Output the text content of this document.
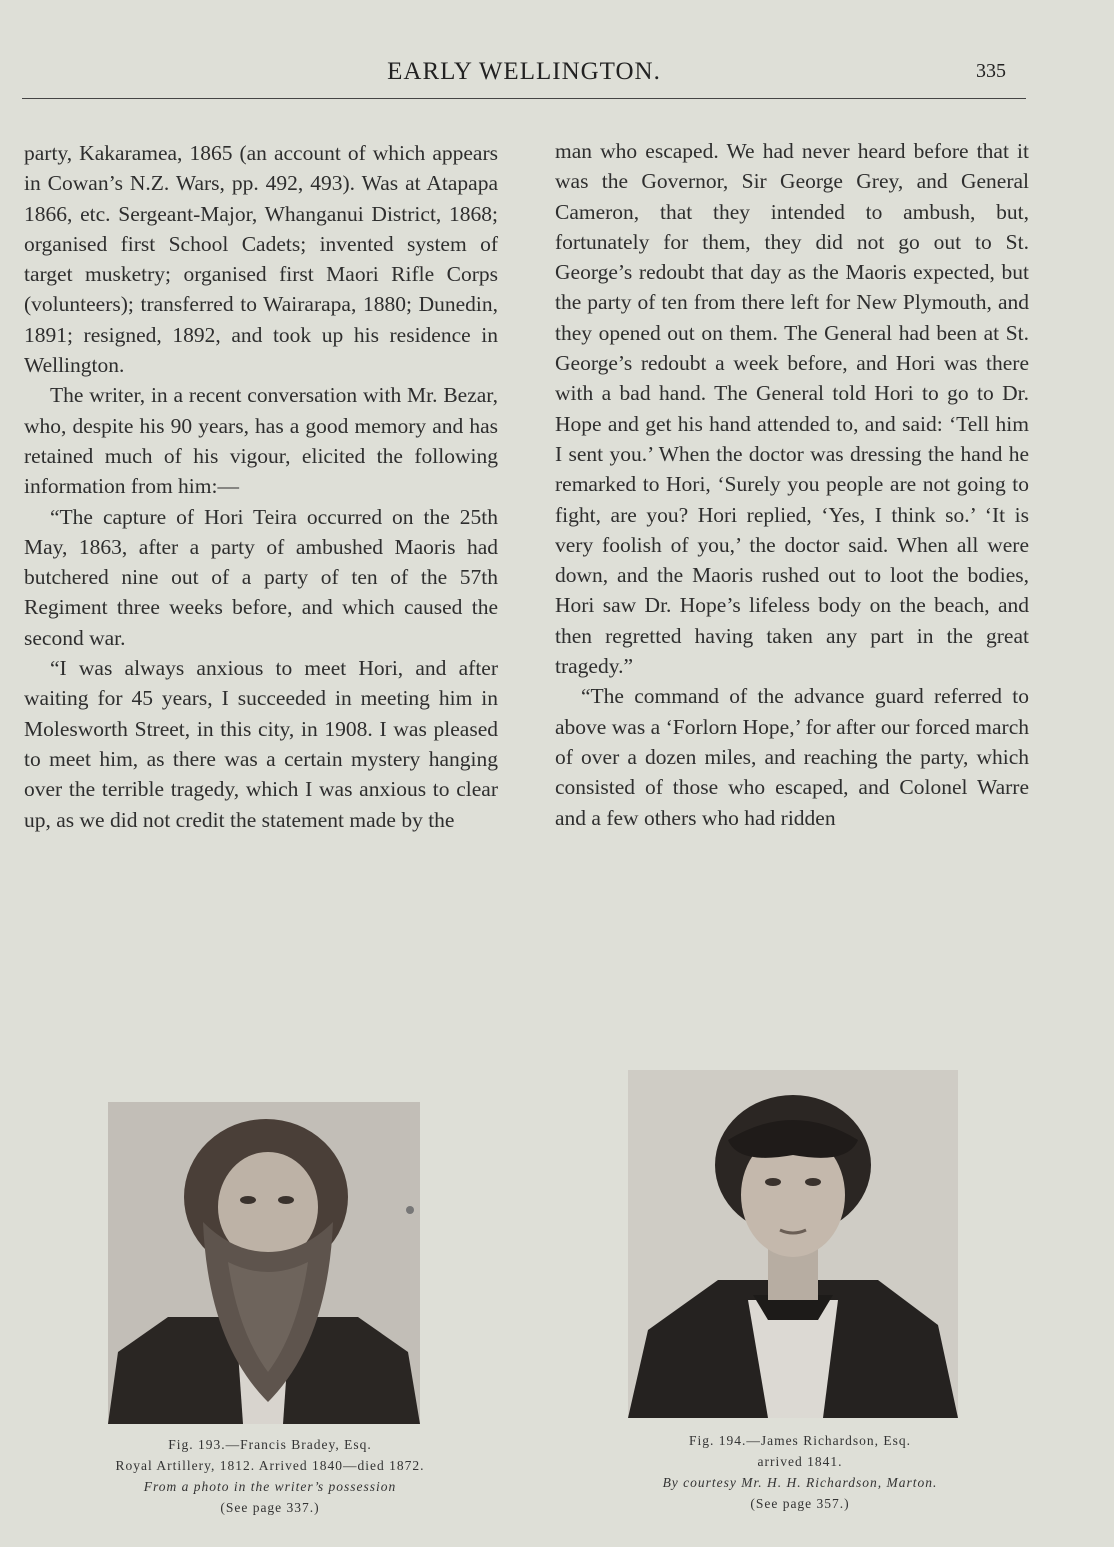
EARLY WELLINGTON.	335

party, Kakaramea, 1865 (an account of which appears in Cowan’s N.Z. Wars, pp. 492, 493). Was at Atapapa 1866, etc. Sergeant-Major, Whanganui District, 1868; organised first School Cadets; invented system of target musketry; organised first Maori Rifle Corps (volunteers); transferred to Wairarapa, 1880; Dunedin, 1891; resigned, 1892, and took up his residence in Wellington.

The writer, in a recent conversation with Mr. Bezar, who, despite his 90 years, has a good memory and has retained much of his vigour, elicited the following information from him:—

“The capture of Hori Teira occurred on the 25th May, 1863, after a party of ambushed Maoris had butchered nine out of a party of ten of the 57th Regiment three weeks before, and which caused the second war.

“I was always anxious to meet Hori, and after waiting for 45 years, I succeeded in meeting him in Molesworth Street, in this city, in 1908. I was pleased to meet him, as there was a certain mystery hanging over the terrible tragedy, which I was anxious to clear up, as we did not credit the statement made by the

man who escaped. We had never heard before that it was the Governor, Sir George Grey, and General Cameron, that they intended to ambush, but, fortunately for them, they did not go out to St. George’s redoubt that day as the Maoris expected, but the party of ten from there left for New Plymouth, and they opened out on them. The General had been at St. George’s redoubt a week before, and Hori was there with a bad hand. The General told Hori to go to Dr. Hope and get his hand attended to, and said: ‘Tell him I sent you.’ When the doctor was dressing the hand he remarked to Hori, ‘Surely you people are not going to fight, are you? Hori replied, ‘Yes, I think so.’ ‘It is very foolish of you,’ the doctor said. When all were down, and the Maoris rushed out to loot the bodies, Hori saw Dr. Hope’s lifeless body on the beach, and then regretted having taken any part in the great tragedy.”

“The command of the advance guard referred to above was a ‘Forlorn Hope,’ for after our forced march of over a dozen miles, and reaching the party, which consisted of those who escaped, and Colonel Warre and a few others who had ridden

Fig. 193.—Francis Bradey, Esq.
Royal Artillery, 1812. Arrived 1840—died 1872.
From a photo in the writer’s possession
(See page 337.)
Fig. 194.—James Richardson, Esq.
arrived 1841.
By courtesy Mr. H. H. Richardson, Marton.
(See page 357.)
